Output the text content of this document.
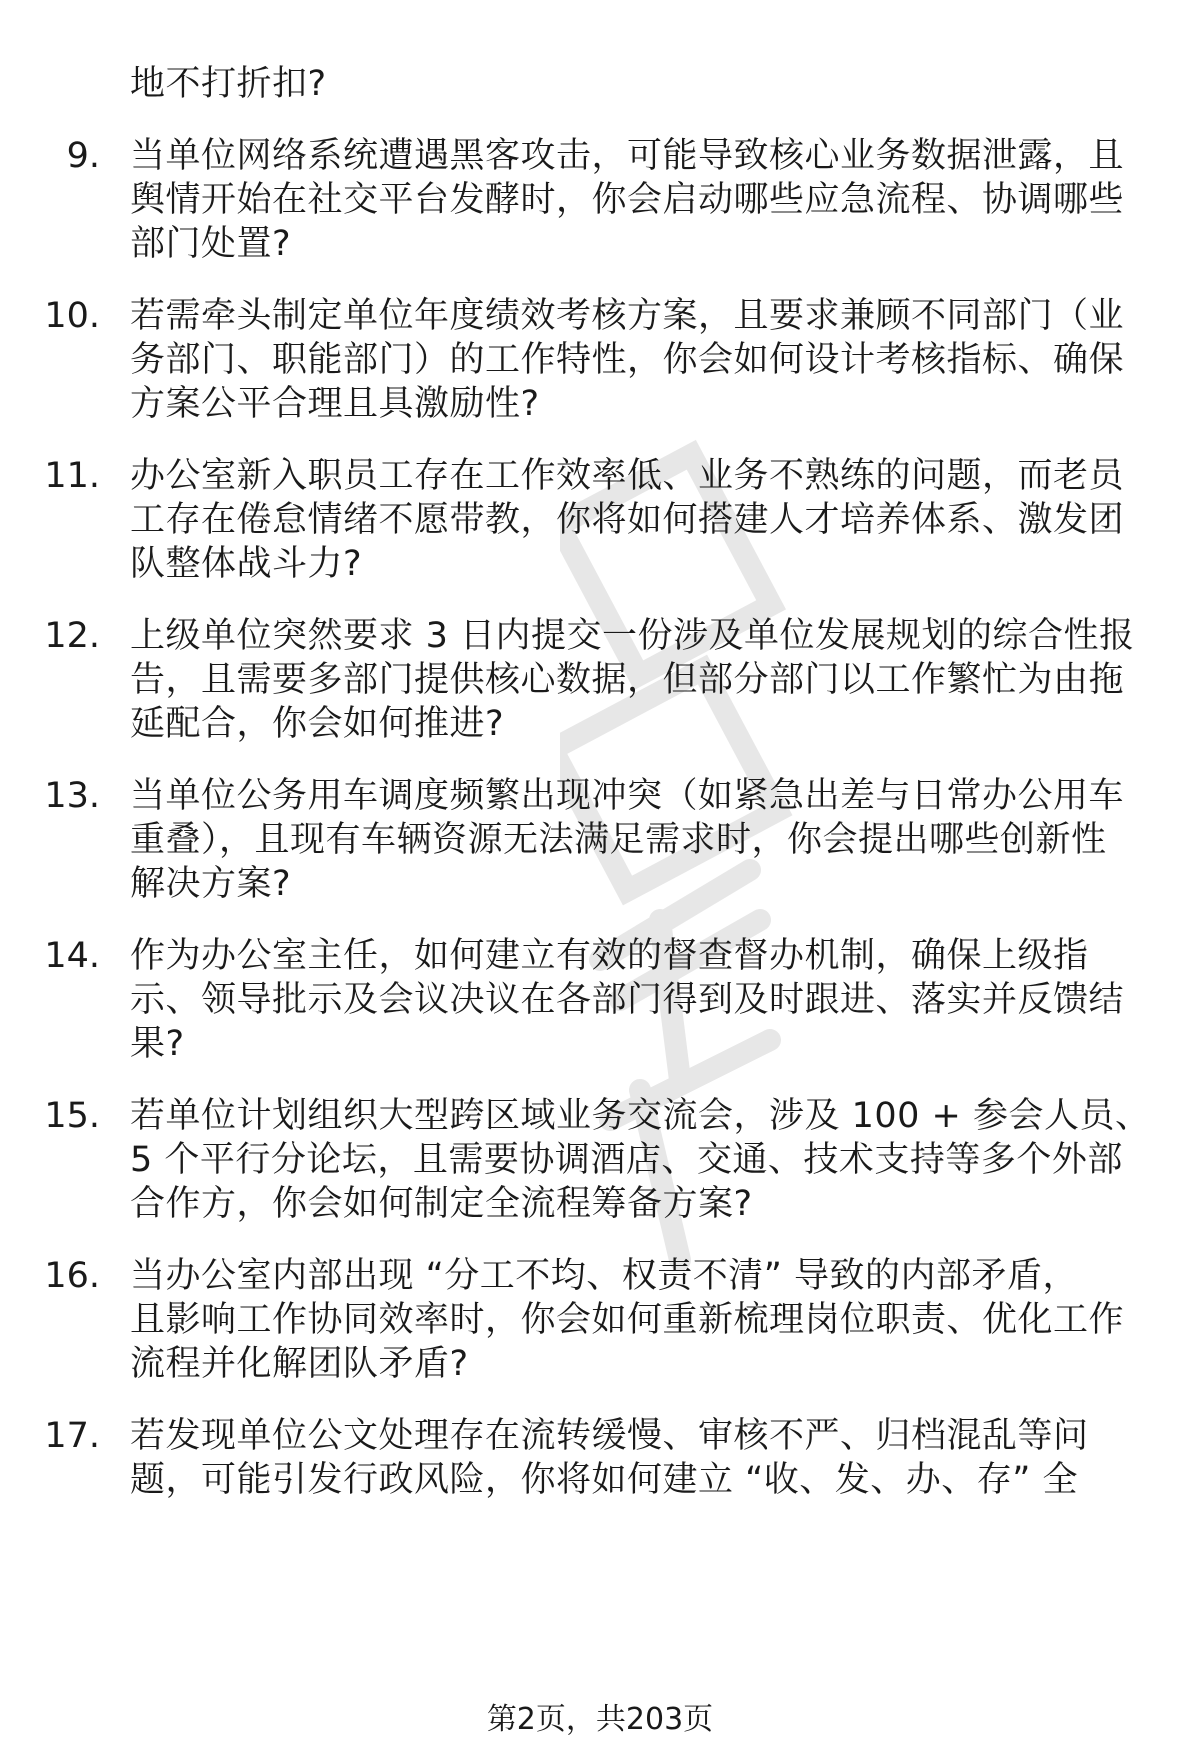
地不打折扣?
9. 当单位网络系统遭遇黑客攻击，可能导致核心业务数据泄露，且
舆情开始在社交平台发酵时，你会启动哪些应急流程、协调哪些
部门处置?
10. 若需牵头制定单位年度绩效考核方案，且要求兼顾不同部门（业
务部门、职能部门）的工作特性，你会如何设计考核指标、确保
方案公平合理且具激励性?
11. 办公室新入职员工存在工作效率低、业务不熟练的问题，而老员
工存在倦怠情绪不愿带教，你将如何搭建人才培养体系、激发团
队整体战斗力?
12. 上级单位突然要求 3 日内提交一份涉及单位发展规划的综合性报
告，且需要多部门提供核心数据，但部分部门以工作繁忙为由拖
延配合，你会如何推进?
13. 当单位公务用车调度频繁出现冲突（如紧急出差与日常办公用车
重叠），且现有车辆资源无法满足需求时，你会提出哪些创新性
解决方案?
14. 作为办公室主任，如何建立有效的督查督办机制，确保上级指
示、领导批示及会议决议在各部门得到及时跟进、落实并反馈结
果?
15. 若单位计划组织大型跨区域业务交流会，涉及 100 + 参会人员、
5 个平行分论坛，且需要协调酒店、交通、技术支持等多个外部
合作方，你会如何制定全流程筹备方案?
16. 当办公室内部出现 “分工不均、权责不清” 导致的内部矛盾，
且影响工作协同效率时，你会如何重新梳理岗位职责、优化工作
流程并化解团队矛盾?
17. 若发现单位公文处理存在流转缓慢、审核不严、归档混乱等问
题，可能引发行政风险，你将如何建立 “收、发、办、存” 全
第2页，共203页
